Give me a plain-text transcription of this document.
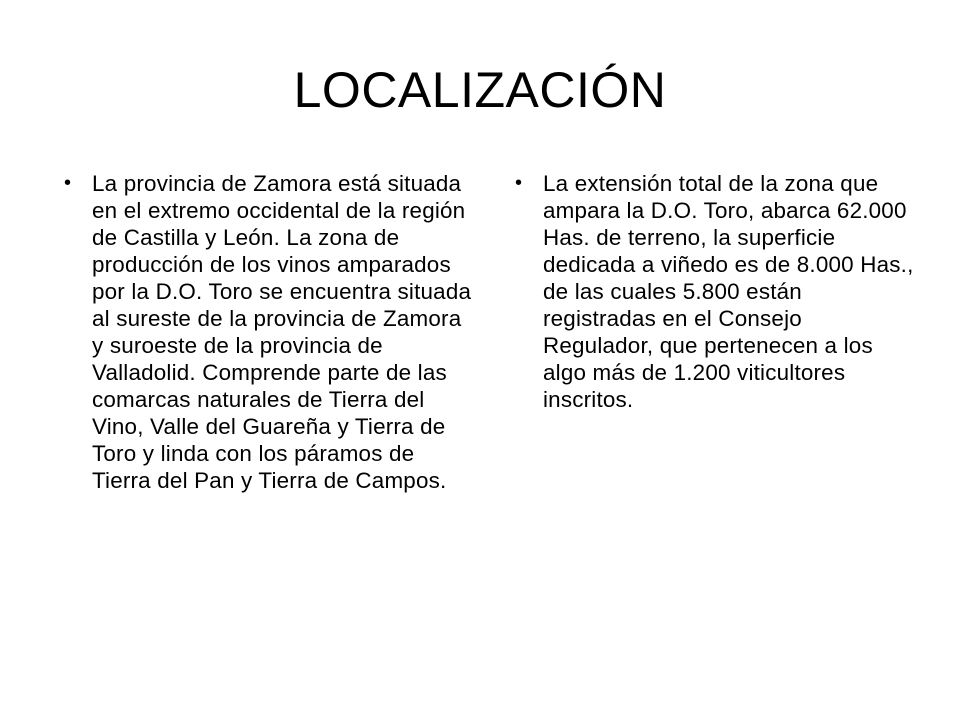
LOCALIZACIÓN
• La provincia de Zamora está situada en el extremo occidental de la región de Castilla y León. La zona de producción de los vinos amparados por la D.O. Toro se encuentra situada al sureste de la provincia de Zamora y suroeste de la provincia de Valladolid. Comprende parte de las comarcas naturales de Tierra del Vino, Valle del Guareña y Tierra de Toro y linda con los páramos de Tierra del Pan y Tierra de Campos.
• La extensión total de la zona que ampara la D.O. Toro, abarca 62.000 Has. de terreno, la superficie dedicada a viñedo es de 8.000 Has., de las cuales 5.800 están registradas en el Consejo Regulador, que pertenecen a los algo más de 1.200 viticultores inscritos.
